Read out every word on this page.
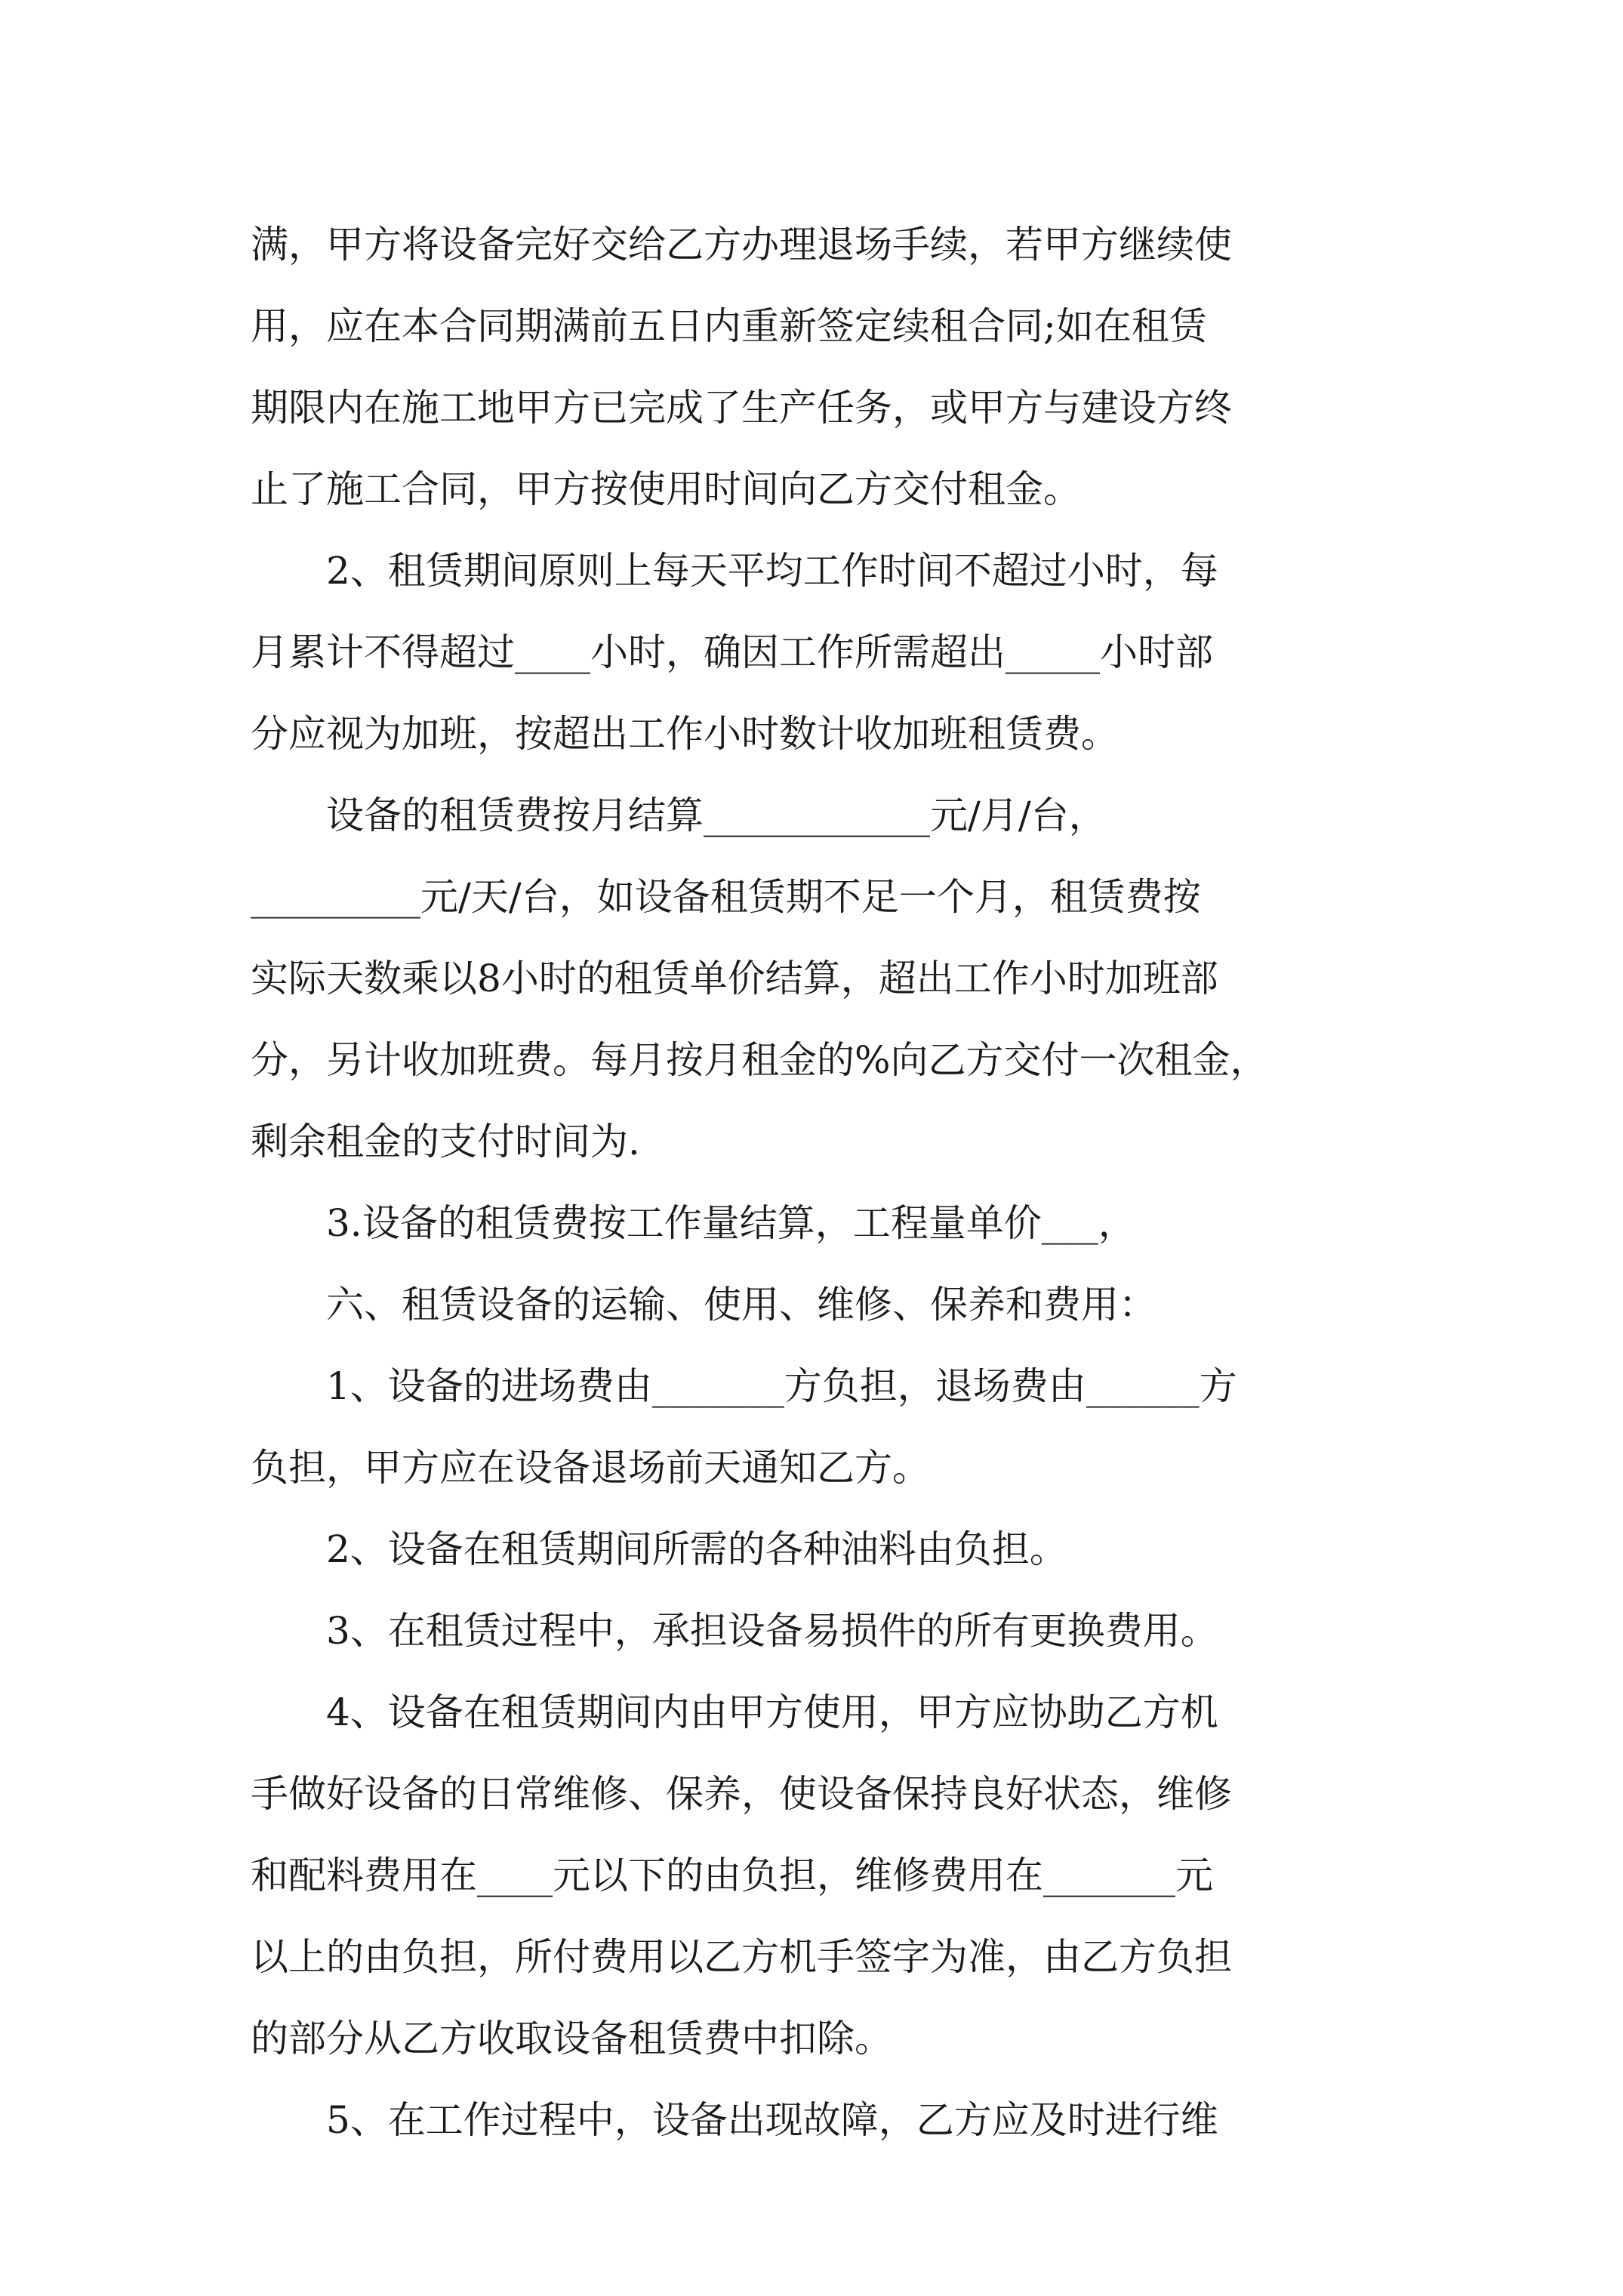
满，甲方将设备完好交给乙方办理退场手续，若甲方继续使
用，应在本合同期满前五日内重新签定续租合同;如在租赁
期限内在施工地甲方已完成了生产任务，或甲方与建设方终
止了施工合同，甲方按使用时间向乙方交付租金。
　　2、租赁期间原则上每天平均工作时间不超过小时，每
月累计不得超过____小时，确因工作所需超出_____小时部
分应视为加班，按超出工作小时数计收加班租赁费。
　　设备的租赁费按月结算____________元/月/台，
_________元/天/台，如设备租赁期不足一个月，租赁费按
实际天数乘以8小时的租赁单价结算，超出工作小时加班部
分，另计收加班费。每月按月租金的%向乙方交付一次租金，
剩余租金的支付时间为.
　　3.设备的租赁费按工作量结算，工程量单价___，
　　六、租赁设备的运输、使用、维修、保养和费用：
　　1、设备的进场费由_______方负担，退场费由______方
负担，甲方应在设备退场前天通知乙方。
　　2、设备在租赁期间所需的各种油料由负担。
　　3、在租赁过程中，承担设备易损件的所有更换费用。
　　4、设备在租赁期间内由甲方使用，甲方应协助乙方机
手做好设备的日常维修、保养，使设备保持良好状态，维修
和配料费用在____元以下的由负担，维修费用在_______元
以上的由负担，所付费用以乙方机手签字为准，由乙方负担
的部分从乙方收取设备租赁费中扣除。
　　5、在工作过程中，设备出现故障，乙方应及时进行维
